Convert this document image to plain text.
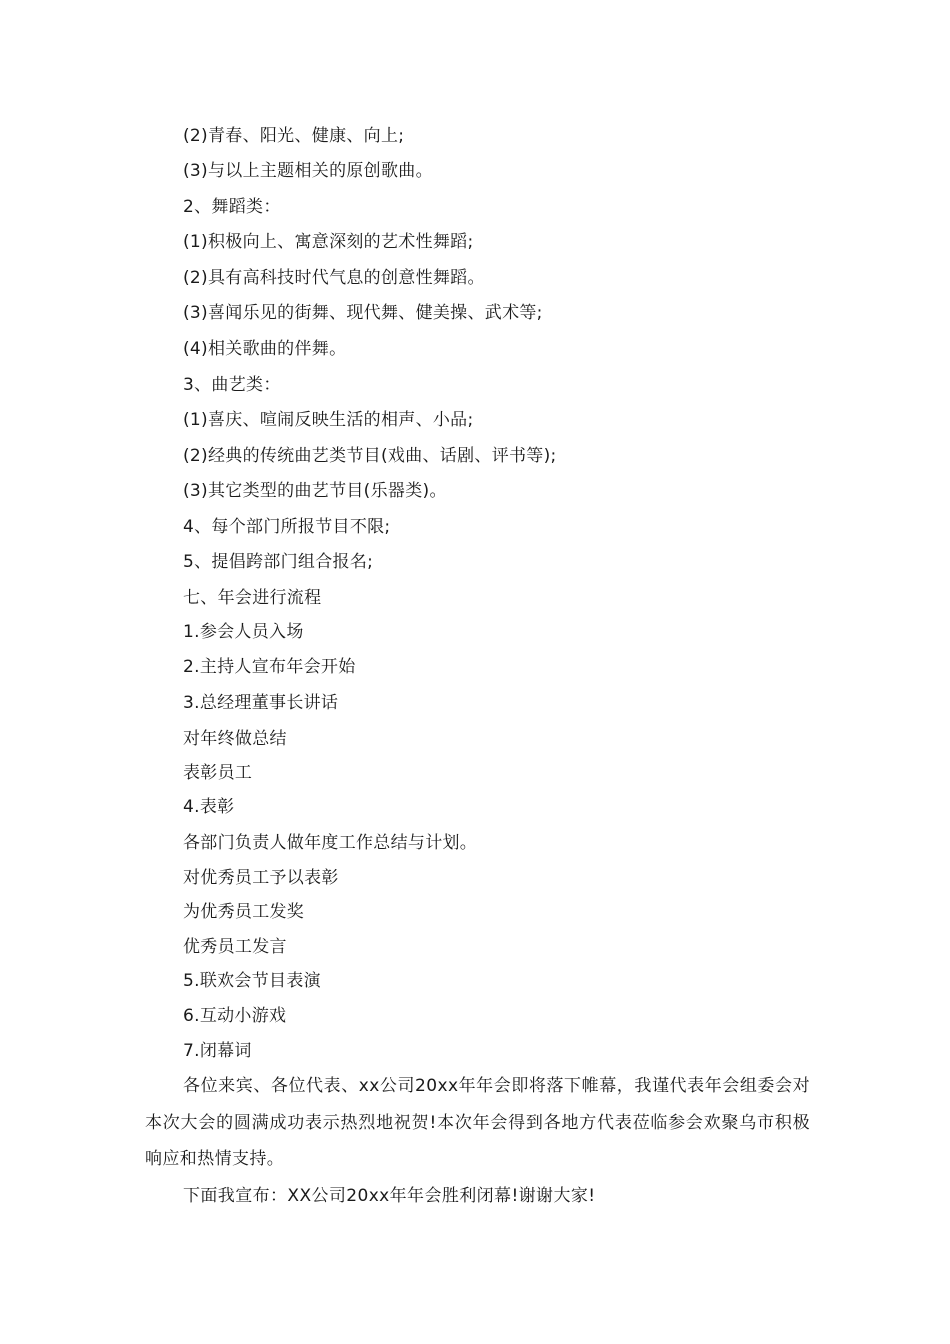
(2)青春、阳光、健康、向上;
(3)与以上主题相关的原创歌曲。
2、舞蹈类：
(1)积极向上、寓意深刻的艺术性舞蹈;
(2)具有高科技时代气息的创意性舞蹈。
(3)喜闻乐见的街舞、现代舞、健美操、武术等;
(4)相关歌曲的伴舞。
3、曲艺类：
(1)喜庆、喧闹反映生活的相声、小品;
(2)经典的传统曲艺类节目(戏曲、话剧、评书等);
(3)其它类型的曲艺节目(乐器类)。
4、每个部门所报节目不限;
5、提倡跨部门组合报名;
七、年会进行流程
1.参会人员入场
2.主持人宣布年会开始
3.总经理董事长讲话
对年终做总结
表彰员工
4.表彰
各部门负责人做年度工作总结与计划。
对优秀员工予以表彰
为优秀员工发奖
优秀员工发言
5.联欢会节目表演
6.互动小游戏
7.闭幕词
各位来宾、各位代表、xx公司20xx年年会即将落下帷幕，我谨代表年会组委会对本次大会的圆满成功表示热烈地祝贺!本次年会得到各地方代表莅临参会欢聚乌市积极响应和热情支持。
下面我宣布：XX公司20xx年年会胜利闭幕!谢谢大家!
